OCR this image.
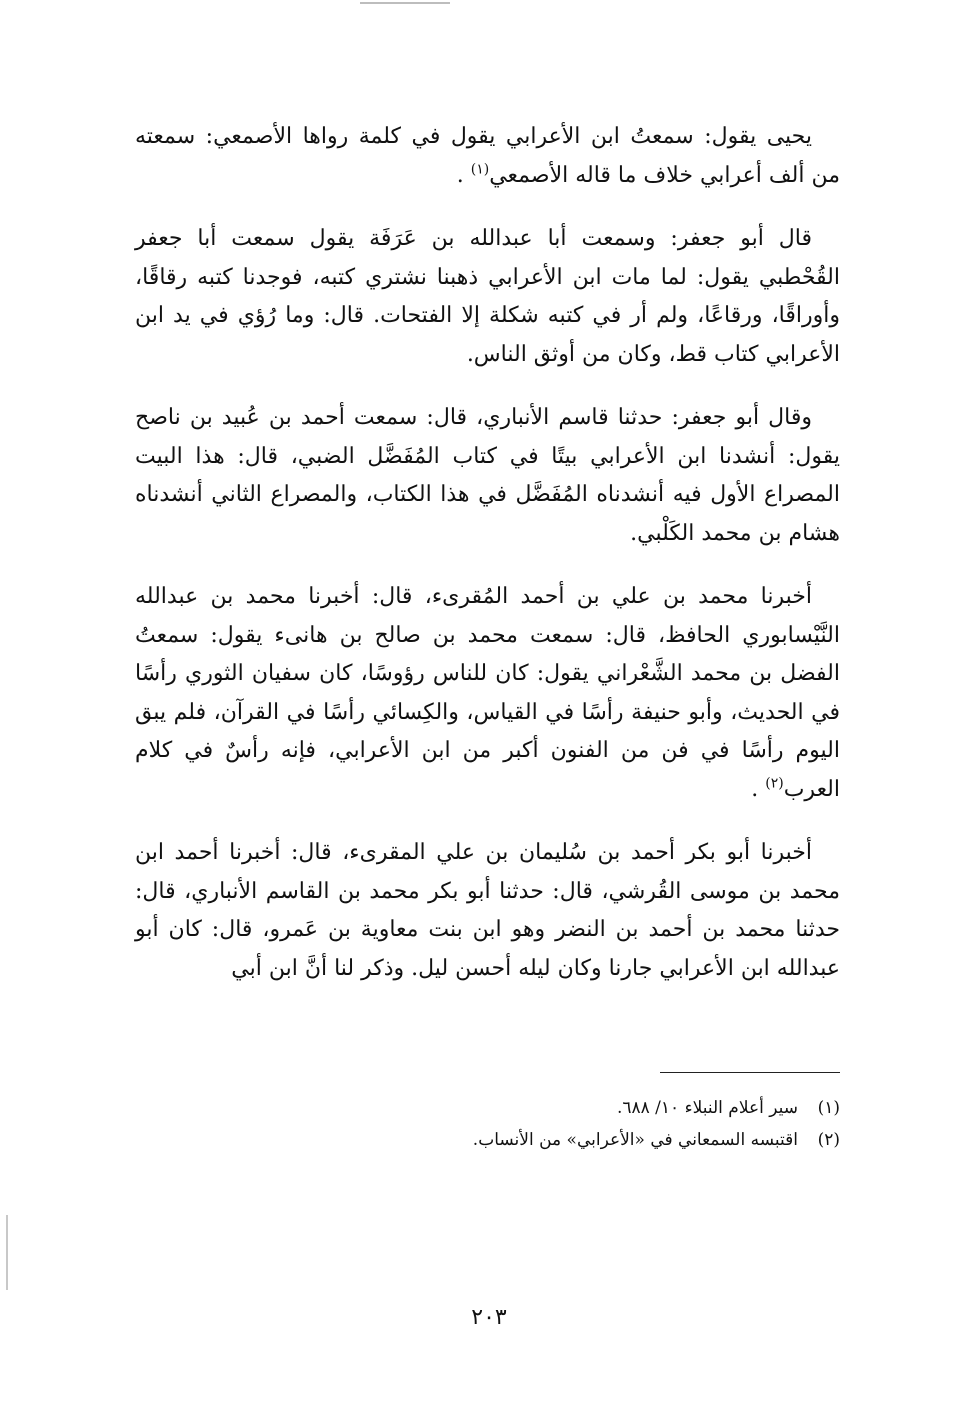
يحيى يقول: سمعتُ ابن الأعرابي يقول في كلمة رواها الأصمعي: سمعته من ألف أعرابي خلاف ما قاله الأصمعي$^{(١)}$ .

قال أبو جعفر: وسمعت أبا عبدالله بن عَرَفَة يقول سمعت أبا جعفر القُحْطبي يقول: لما مات ابن الأعرابي ذهبنا نشتري كتبه، فوجدنا كتبه رقاقًا، وأوراقًا، ورقاعًا، ولم أر في كتبه شكلة إلا الفتحات. قال: وما رُؤي في يد ابن الأعرابي كتاب قط، وكان من أوثق الناس.

وقال أبو جعفر: حدثنا قاسم الأنباري، قال: سمعت أحمد بن عُبيد بن ناصح يقول: أنشدنا ابن الأعرابي بيتًا في كتاب المُفَضَّل الضبي، قال: هذا البيت المصراع الأول فيه أنشدناه المُفَضَّل في هذا الكتاب، والمصراع الثاني أنشدناه هشام بن محمد الكَلْبي.

أخبرنا محمد بن علي بن أحمد المُقرىء، قال: أخبرنا محمد بن عبدالله النَّيْسابوري الحافظ، قال: سمعت محمد بن صالح بن هانىء يقول: سمعتُ الفضل بن محمد الشَّعْراني يقول: كان للناس رؤوسًا، كان سفيان الثوري رأسًا في الحديث، وأبو حنيفة رأسًا في القياس، والكِسائي رأسًا في القرآن، فلم يبق اليوم رأسًا في فن من الفنون أكبر من ابن الأعرابي، فإنه رأسٌ في كلام العرب$^{(٢)}$ .

أخبرنا أبو بكر أحمد بن سُليمان بن علي المقرىء، قال: أخبرنا أحمد ابن محمد بن موسى القُرشي، قال: حدثنا أبو بكر محمد بن القاسم الأنباري، قال: حدثنا محمد بن أحمد بن النضر وهو ابن بنت معاوية بن عَمرو، قال: كان أبو عبدالله ابن الأعرابي جارنا وكان ليله أحسن ليل. وذكر لنا أنَّ ابن أبي

(١)سير أعلام النبلاء ١٠/ ٦٨٨.

(٢)اقتبسه السمعاني في «الأعرابي» من الأنساب.

٢٠٣
